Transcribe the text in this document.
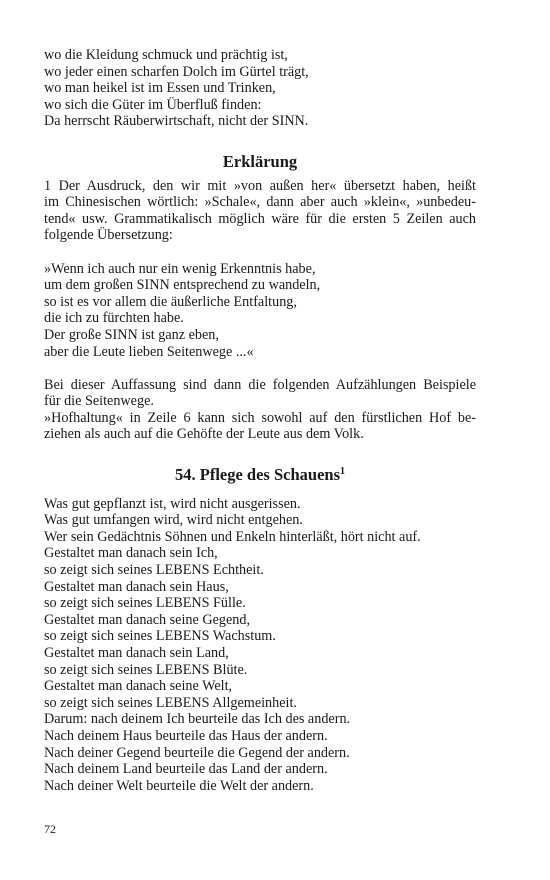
wo die Kleidung schmuck und prächtig ist,
wo jeder einen scharfen Dolch im Gürtel trägt,
wo man heikel ist im Essen und Trinken,
wo sich die Güter im Überfluß finden:
Da herrscht Räuberwirtschaft, nicht der SINN.
Erklärung
1 Der Ausdruck, den wir mit »von außen her« übersetzt haben, heißt
im Chinesischen wörtlich: »Schale«, dann aber auch »klein«, »unbedeu-
tend« usw. Grammatikalisch möglich wäre für die ersten 5 Zeilen auch
folgende Übersetzung:
»Wenn ich auch nur ein wenig Erkenntnis habe,
um dem großen SINN entsprechend zu wandeln,
so ist es vor allem die äußerliche Entfaltung,
die ich zu fürchten habe.
Der große SINN ist ganz eben,
aber die Leute lieben Seitenwege ...«
Bei dieser Auffassung sind dann die folgenden Aufzählungen Beispiele
für die Seitenwege.
»Hofhaltung« in Zeile 6 kann sich sowohl auf den fürstlichen Hof be-
ziehen als auch auf die Gehöfte der Leute aus dem Volk.
54. Pflege des Schauens$^1$
Was gut gepflanzt ist, wird nicht ausgerissen.
Was gut umfangen wird, wird nicht entgehen.
Wer sein Gedächtnis Söhnen und Enkeln hinterläßt, hört nicht auf.
Gestaltet man danach sein Ich,
so zeigt sich seines LEBENS Echtheit.
Gestaltet man danach sein Haus,
so zeigt sich seines LEBENS Fülle.
Gestaltet man danach seine Gegend,
so zeigt sich seines LEBENS Wachstum.
Gestaltet man danach sein Land,
so zeigt sich seines LEBENS Blüte.
Gestaltet man danach seine Welt,
so zeigt sich seines LEBENS Allgemeinheit.
Darum: nach deinem Ich beurteile das Ich des andern.
Nach deinem Haus beurteile das Haus der andern.
Nach deiner Gegend beurteile die Gegend der andern.
Nach deinem Land beurteile das Land der andern.
Nach deiner Welt beurteile die Welt der andern.
72
